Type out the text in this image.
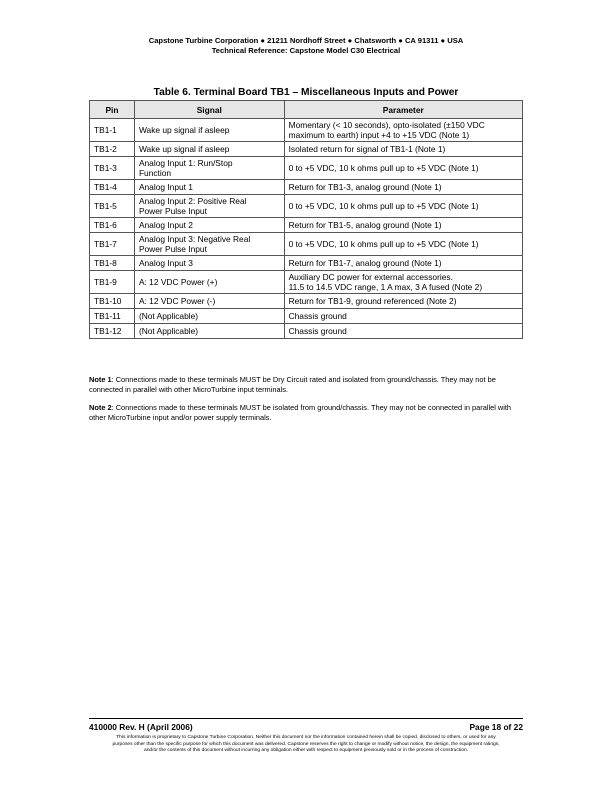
Capstone Turbine Corporation ● 21211 Nordhoff Street ● Chatsworth ● CA 91311 ● USA
Technical Reference: Capstone Model C30 Electrical
Table 6. Terminal Board TB1 – Miscellaneous Inputs and Power
Pin	Signal	Parameter
TB1-1	Wake up signal if asleep	Momentary (< 10 seconds), opto-isolated (±150 VDC
maximum to earth) input +4 to +15 VDC (Note 1)

TB1-2	Wake up signal if asleep	Isolated return for signal of TB1-1 (Note 1)
TB1-3	Analog Input 1: Run/Stop
Function	0 to +5 VDC, 10 k ohms pull up to +5 VDC (Note 1)
TB1-4	Analog Input 1	Return for TB1-3, analog ground (Note 1)
TB1-5	Analog Input 2: Positive Real
Power Pulse Input	0 to +5 VDC, 10 k ohms pull up to +5 VDC (Note 1)
TB1-6	Analog Input 2	Return for TB1-5, analog ground (Note 1)
TB1-7	Analog Input 3: Negative Real
Power Pulse Input	0 to +5 VDC, 10 k ohms pull up to +5 VDC (Note 1)
TB1-8	Analog Input 3	Return for TB1-7, analog ground (Note 1)
TB1-9	A: 12 VDC Power (+)	Auxiliary DC power for external accessories.
11.5 to 14.5 VDC range, 1 A max, 3 A fused (Note 2)

TB1-10	A: 12 VDC Power (-)	Return for TB1-9, ground referenced (Note 2)
TB1-11	(Not Applicable)	Chassis ground
TB1-12	(Not Applicable)	Chassis ground

Note 1: Connections made to these terminals MUST be Dry Circuit rated and isolated from ground/chassis. They may not be connected in parallel with other MicroTurbine input terminals.

Note 2: Connections made to these terminals MUST be isolated from ground/chassis. They may not be connected in parallel with other MicroTurbine input and/or power supply terminals.

410000 Rev. H (April 2006)	Page 18 of 22
This information is proprietary to Capstone Turbine Corporation. Neither this document nor the information contained herein shall be copied, disclosed to others, or used for any
purposes other than the specific purpose for which this document was delivered. Capstone reserves the right to change or modify without notice, the design, the equipment ratings,
and/or the contents of this document without incurring any obligation either with respect to equipment previously sold or in the process of construction.
